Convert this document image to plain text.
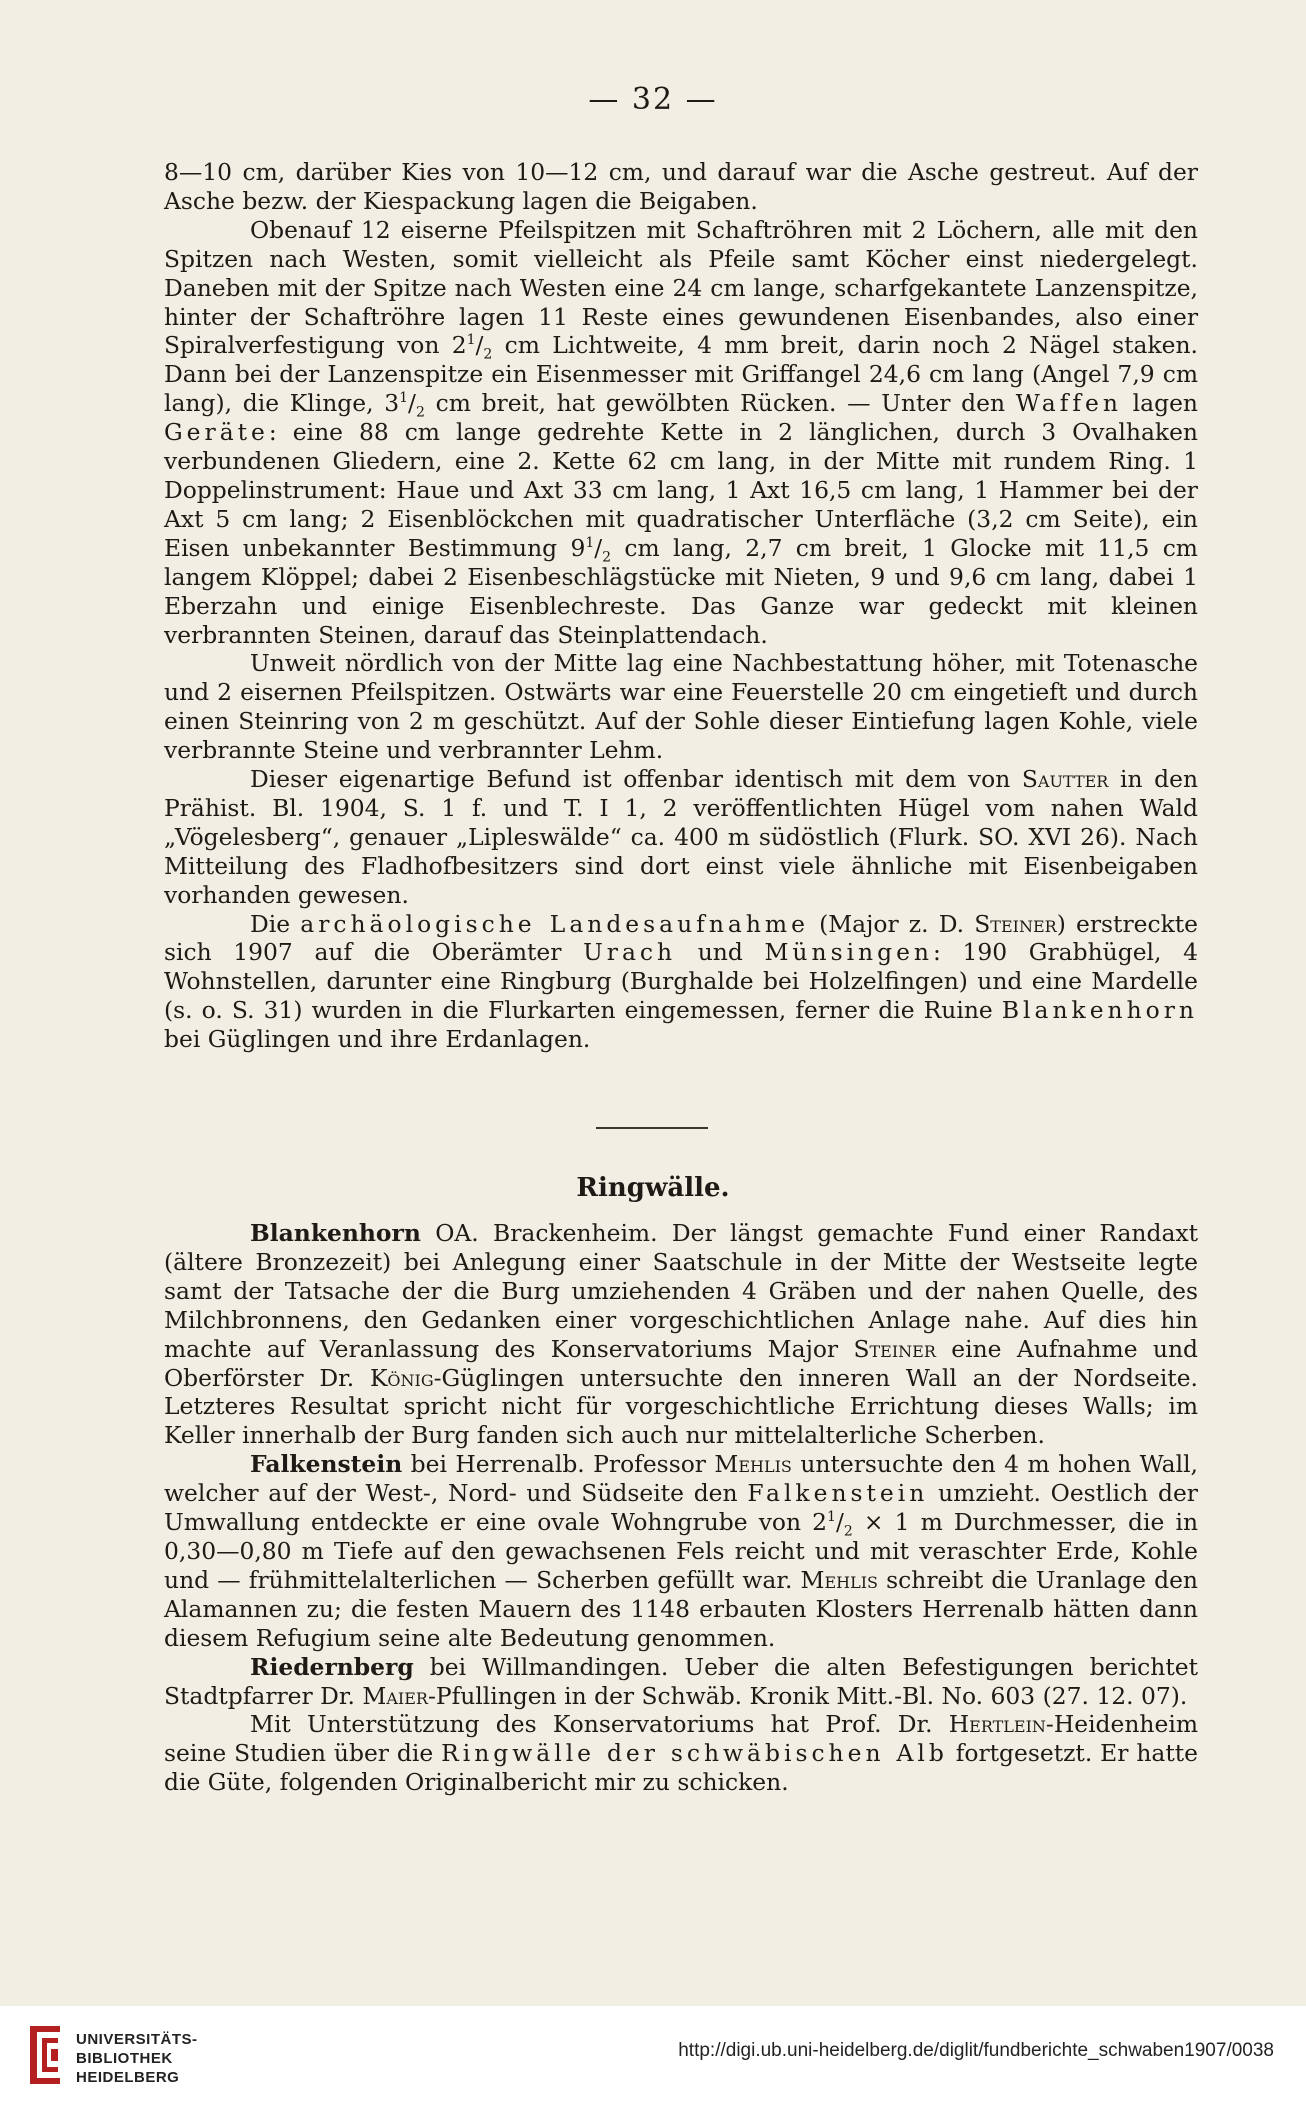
— 32 —

8—10 cm, darüber Kies von 10—12 cm, und darauf war die Asche gestreut. Auf der Asche bezw. der Kiespackung lagen die Beigaben.

Obenauf 12 eiserne Pfeilspitzen mit Schaftröhren mit 2 Löchern, alle mit den Spitzen nach Westen, somit vielleicht als Pfeile samt Köcher einst niedergelegt. Daneben mit der Spitze nach Westen eine 24 cm lange, scharfgekantete Lanzenspitze, hinter der Schaftröhre lagen 11 Reste eines gewundenen Eisenbandes, also einer Spiralverfestigung von $2^1/_2$ cm Lichtweite, 4 mm breit, darin noch 2 Nägel staken. Dann bei der Lanzenspitze ein Eisenmesser mit Griffangel 24,6 cm lang (Angel 7,9 cm lang), die Klinge, $3^1/_2$ cm breit, hat gewölbten Rücken. — Unter den Waffen lagen Geräte: eine 88 cm lange gedrehte Kette in 2 länglichen, durch 3 Ovalhaken verbundenen Gliedern, eine 2. Kette 62 cm lang, in der Mitte mit rundem Ring. 1 Doppelinstrument: Haue und Axt 33 cm lang, 1 Axt 16,5 cm lang, 1 Hammer bei der Axt 5 cm lang; 2 Eisenblöckchen mit quadratischer Unterfläche (3,2 cm Seite), ein Eisen unbekannter Bestimmung $9^1/_2$ cm lang, 2,7 cm breit, 1 Glocke mit 11,5 cm langem Klöppel; dabei 2 Eisenbeschlägstücke mit Nieten, 9 und 9,6 cm lang, dabei 1 Eberzahn und einige Eisenblechreste. Das Ganze war gedeckt mit kleinen verbrannten Steinen, darauf das Steinplattendach.

Unweit nördlich von der Mitte lag eine Nachbestattung höher, mit Totenasche und 2 eisernen Pfeilspitzen. Ostwärts war eine Feuerstelle 20 cm eingetieft und durch einen Steinring von 2 m geschützt. Auf der Sohle dieser Eintiefung lagen Kohle, viele verbrannte Steine und verbrannter Lehm.

Dieser eigenartige Befund ist offenbar identisch mit dem von Sautter in den Prähist. Bl. 1904, S. 1 f. und T. I 1, 2 veröffentlichten Hügel vom nahen Wald „Vögelesberg“, genauer „Lipleswälde“ ca. 400 m südöstlich (Flurk. SO. XVI 26). Nach Mitteilung des Fladhofbesitzers sind dort einst viele ähnliche mit Eisenbeigaben vorhanden gewesen.

Die archäologische Landesaufnahme (Major z. D. Steiner) erstreckte sich 1907 auf die Oberämter Urach und Münsingen: 190 Grabhügel, 4 Wohnstellen, darunter eine Ringburg (Burghalde bei Holzelfingen) und eine Mardelle (s. o. S. 31) wurden in die Flurkarten eingemessen, ferner die Ruine Blankenhorn bei Güglingen und ihre Erdanlagen.

Ringwälle.

Blankenhorn OA. Brackenheim. Der längst gemachte Fund einer Randaxt (ältere Bronzezeit) bei Anlegung einer Saatschule in der Mitte der Westseite legte samt der Tatsache der die Burg umziehenden 4 Gräben und der nahen Quelle, des Milchbronnens, den Gedanken einer vorgeschichtlichen Anlage nahe. Auf dies hin machte auf Veranlassung des Konservatoriums Major Steiner eine Aufnahme und Oberförster Dr. König-Güglingen untersuchte den inneren Wall an der Nordseite. Letzteres Resultat spricht nicht für vorgeschichtliche Errichtung dieses Walls; im Keller innerhalb der Burg fanden sich auch nur mittelalterliche Scherben.

Falkenstein bei Herrenalb. Professor Mehlis untersuchte den 4 m hohen Wall, welcher auf der West-, Nord- und Südseite den Falkenstein umzieht. Oestlich der Umwallung entdeckte er eine ovale Wohngrube von $2^1/_2 \times 1$ m Durchmesser, die in 0,30—0,80 m Tiefe auf den gewachsenen Fels reicht und mit veraschter Erde, Kohle und — frühmittelalterlichen — Scherben gefüllt war. Mehlis schreibt die Uranlage den Alamannen zu; die festen Mauern des 1148 erbauten Klosters Herrenalb hätten dann diesem Refugium seine alte Bedeutung genommen.

Riedernberg bei Willmandingen. Ueber die alten Befestigungen berichtet Stadtpfarrer Dr. Maier-Pfullingen in der Schwäb. Kronik Mitt.-Bl. No. 603 (27. 12. 07).

Mit Unterstützung des Konservatoriums hat Prof. Dr. Hertlein-Heidenheim seine Studien über die Ringwälle der schwäbischen Alb fortgesetzt. Er hatte die Güte, folgenden Originalbericht mir zu schicken.

UNIVERSITÄTS-
BIBLIOTHEK
HEIDELBERG
http://digi.ub.uni-heidelberg.de/diglit/fundberichte_schwaben1907/0038
